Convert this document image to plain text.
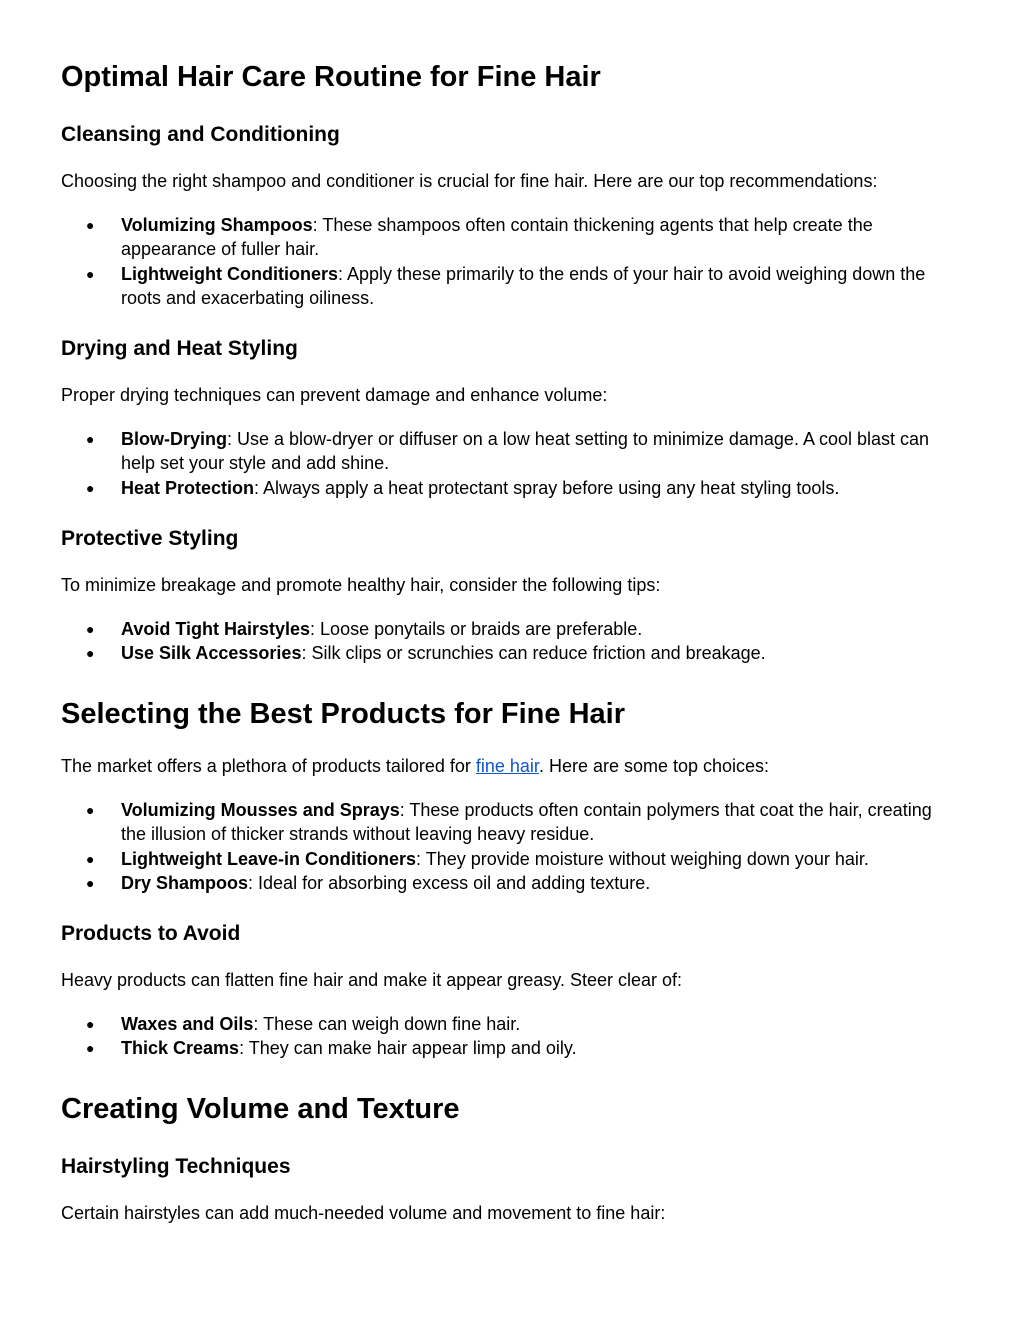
Optimal Hair Care Routine for Fine Hair
Cleansing and Conditioning

Choosing the right shampoo and conditioner is crucial for fine hair. Here are our top recommendations:

● Volumizing Shampoos: These shampoos often contain thickening agents that help create the appearance of fuller hair.
● Lightweight Conditioners: Apply these primarily to the ends of your hair to avoid weighing down the roots and exacerbating oiliness.
Drying and Heat Styling

Proper drying techniques can prevent damage and enhance volume:

● Blow-Drying: Use a blow-dryer or diffuser on a low heat setting to minimize damage. A cool blast can help set your style and add shine.
● Heat Protection: Always apply a heat protectant spray before using any heat styling tools.
Protective Styling

To minimize breakage and promote healthy hair, consider the following tips:

● Avoid Tight Hairstyles: Loose ponytails or braids are preferable.
● Use Silk Accessories: Silk clips or scrunchies can reduce friction and breakage.
Selecting the Best Products for Fine Hair

The market offers a plethora of products tailored for fine hair. Here are some top choices:

● Volumizing Mousses and Sprays: These products often contain polymers that coat the hair, creating the illusion of thicker strands without leaving heavy residue.
● Lightweight Leave-in Conditioners: They provide moisture without weighing down your hair.
● Dry Shampoos: Ideal for absorbing excess oil and adding texture.
Products to Avoid

Heavy products can flatten fine hair and make it appear greasy. Steer clear of:

● Waxes and Oils: These can weigh down fine hair.
● Thick Creams: They can make hair appear limp and oily.
Creating Volume and Texture
Hairstyling Techniques

Certain hairstyles can add much-needed volume and movement to fine hair:
